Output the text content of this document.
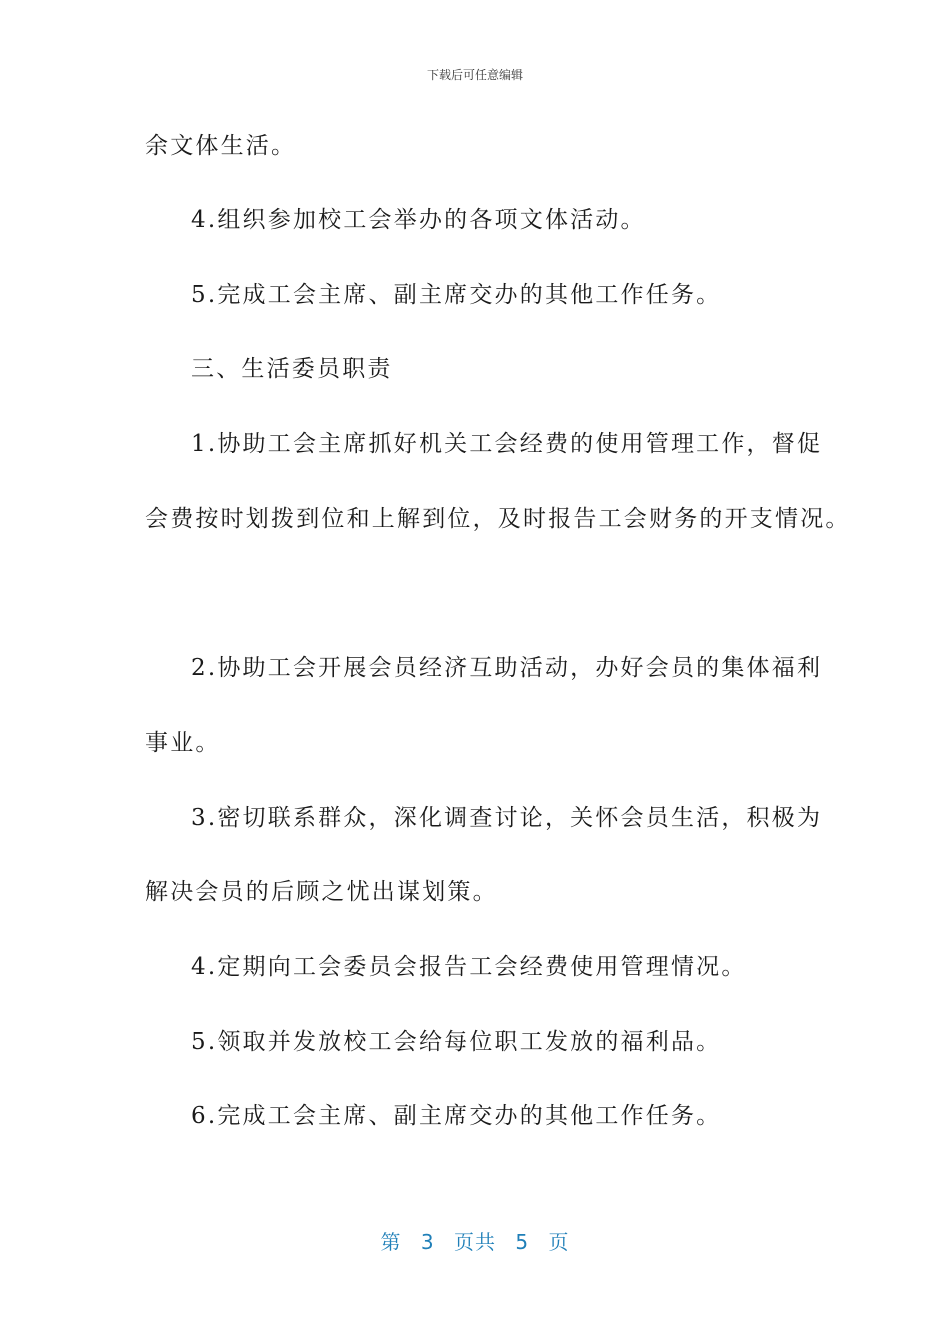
下载后可任意编辑
余文体生活。
4.组织参加校工会举办的各项文体活动。
5.完成工会主席、副主席交办的其他工作任务。
三、生活委员职责
1.协助工会主席抓好机关工会经费的使用管理工作，督促
会费按时划拨到位和上解到位，及时报告工会财务的开支情况。
2.协助工会开展会员经济互助活动，办好会员的集体福利
事业。
3.密切联系群众，深化调查讨论，关怀会员生活，积极为
解决会员的后顾之忧出谋划策。
4.定期向工会委员会报告工会经费使用管理情况。
5.领取并发放校工会给每位职工发放的福利品。
6.完成工会主席、副主席交办的其他工作任务。
第 3 页共 5 页
